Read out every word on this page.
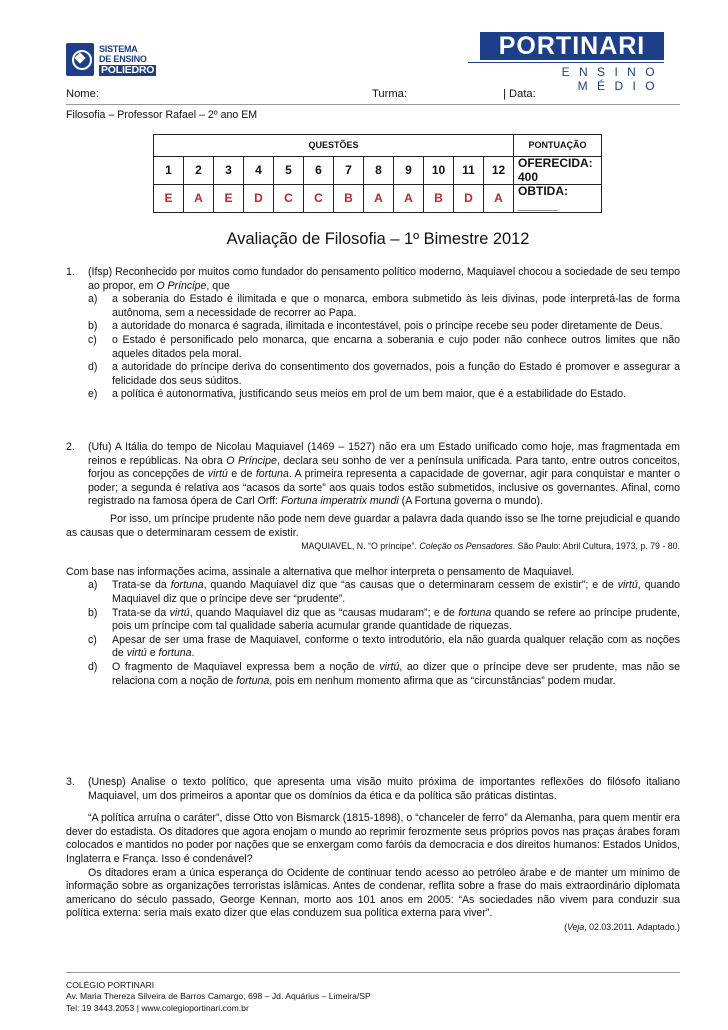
SISTEMA
DE ENSINO
POLIEDRO
PORTINARI
ENSINO MÉDIO
Nome:	Turma:	| Data:
Filosofia – Professor Rafael – 2º ano EM
QUESTÕES												PONTUAÇÃO
1	2	3	4	5	6	7	8	9	10	11	12	OFERECIDA: 400
E	A	E	D	C	C	B	A	A	B	D	A	OBTIDA: ______
Avaliação de Filosofia – 1º Bimestre 2012
1. (Ifsp) Reconhecido por muitos como fundador do pensamento político moderno, Maquiavel chocou a sociedade de seu tempo ao propor, em O Príncipe, que
a) a soberania do Estado é ilimitada e que o monarca, embora submetido às leis divinas, pode interpretá-las de forma autônoma, sem a necessidade de recorrer ao Papa.
b) a autoridade do monarca é sagrada, ilimitada e incontestável, pois o príncipe recebe seu poder diretamente de Deus.
c) o Estado é personificado pelo monarca, que encarna a soberania e cujo poder não conhece outros limites que não aqueles ditados pela moral.
d) a autoridade do príncipe deriva do consentimento dos governados, pois a função do Estado é promover e assegurar a felicidade dos seus súditos.
e) a política é autonormativa, justificando seus meios em prol de um bem maior, que é a estabilidade do Estado.
2. (Ufu) A Itália do tempo de Nicolau Maquiavel (1469 – 1527) não era um Estado unificado como hoje, mas fragmentada em reinos e repúblicas. Na obra O Príncipe, declara seu sonho de ver a península unificada. Para tanto, entre outros conceitos, forjou as concepções de virtú e de fortuna. A primeira representa a capacidade de governar, agir para conquistar e manter o poder; a segunda é relativa aos “acasos da sorte” aos quais todos estão submetidos, inclusive os governantes. Afinal, como registrado na famosa ópera de Carl Orff: Fortuna imperatrix mundi (A Fortuna governa o mundo).
Por isso, um príncipe prudente não pode nem deve guardar a palavra dada quando isso se lhe torne prejudicial e quando as causas que o determinaram cessem de existir.
MAQUIAVEL, N. “O príncipe”. Coleção os Pensadores. São Paulo: Abril Cultura, 1973, p. 79 - 80.
Com base nas informações acima, assinale a alternativa que melhor interpreta o pensamento de Maquiavel.
a) Trata-se da fortuna, quando Maquiavel diz que “as causas que o determinaram cessem de existir”; e de virtú, quando Maquiavel diz que o príncipe deve ser “prudente”.
b) Trata-se da virtú, quando Maquiavel diz que as “causas mudaram”; e de fortuna quando se refere ao príncipe prudente, pois um príncipe com tal qualidade saberia acumular grande quantidade de riquezas.
c) Apesar de ser uma frase de Maquiavel, conforme o texto introdutório, ela não guarda qualquer relação com as noções de virtú e fortuna.
d) O fragmento de Maquiavel expressa bem a noção de virtú, ao dizer que o príncipe deve ser prudente, mas não se relaciona com a noção de fortuna, pois em nenhum momento afirma que as “circunstâncias” podem mudar.
3. (Unesp) Analise o texto político, que apresenta uma visão muito próxima de importantes reflexões do filósofo italiano Maquiavel, um dos primeiros a apontar que os domínios da ética e da política são práticas distintas.
“A política arruína o caráter”, disse Otto von Bismarck (1815-1898), o “chanceler de ferro” da Alemanha, para quem mentir era dever do estadista. Os ditadores que agora enojam o mundo ao reprimir ferozmente seus próprios povos nas praças árabes foram colocados e mantidos no poder por nações que se enxergam como faróis da democracia e dos direitos humanos: Estados Unidos, Inglaterra e França. Isso é condenável?
Os ditadores eram a única esperança do Ocidente de continuar tendo acesso ao petróleo árabe e de manter um mínimo de informação sobre as organizações terroristas islâmicas. Antes de condenar, reflita sobre a frase do mais extraordinário diplomata americano do século passado, George Kennan, morto aos 101 anos em 2005: “As sociedades não vivem para conduzir sua política externa: seria mais exato dizer que elas conduzem sua política externa para viver”.
(Veja, 02.03.2011. Adaptado.)
COLÉGIO PORTINARI
Av. Maria Thereza Silveira de Barros Camargo, 698 – Jd. Aquárius – Limeira/SP
Tel: 19 3443.2053 | www.colegioportinari.com.br
